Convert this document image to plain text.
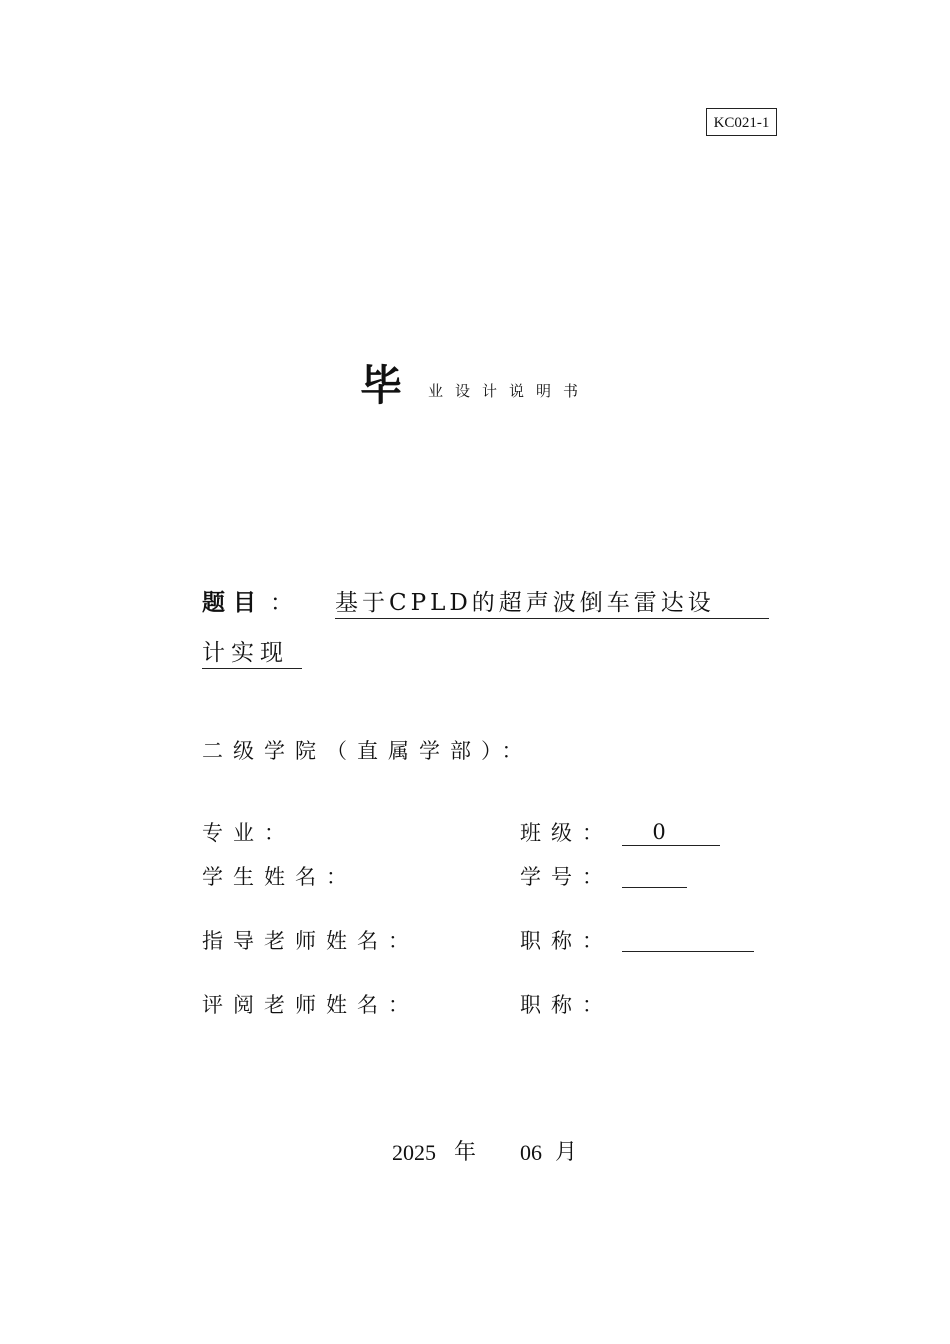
KC021-1
毕 业设计说明书
题目 ： 基于CPLD的超声波倒车雷达设
计实现
二级学院（直属学部）：
专业：	班级：	0
学生姓名：	学号：
指导老师姓名：	职称：
评阅老师姓名：	职称：
2025 年 06 月
